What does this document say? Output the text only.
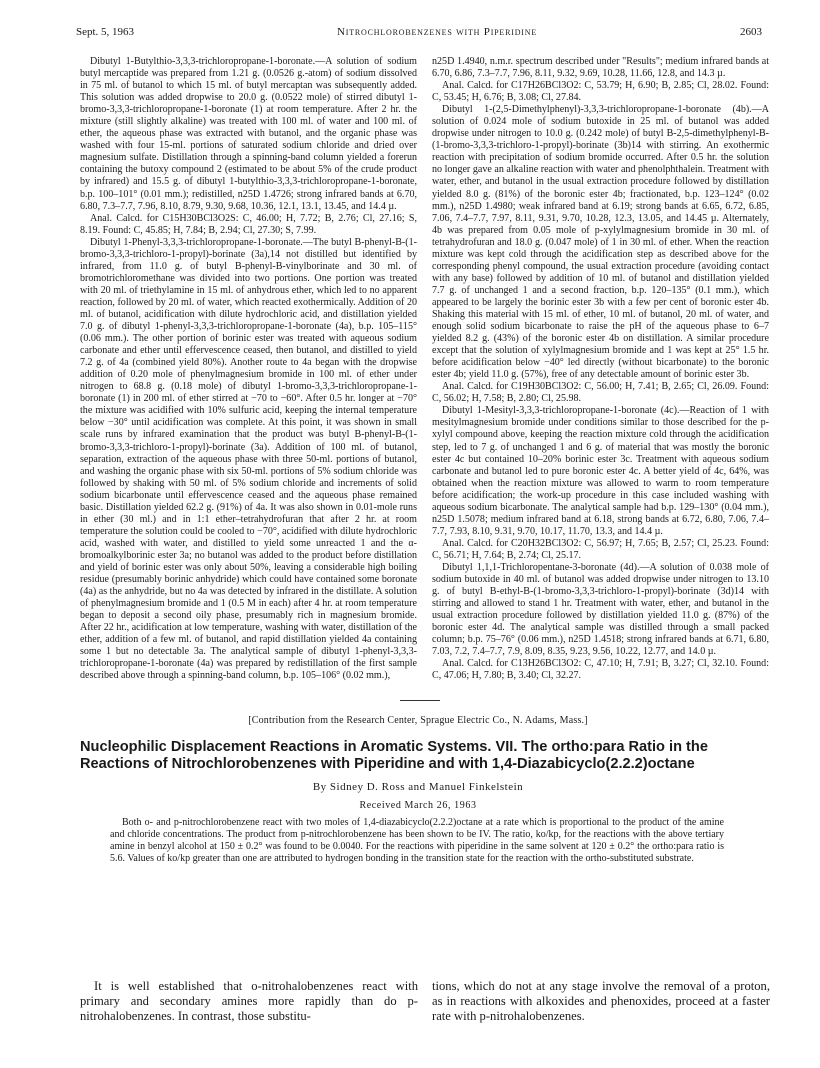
Sept. 5, 1963	Nitrochlorobenzenes with Piperidine	2603

Dibutyl 1-Butylthio-3,3,3-trichloropropane-1-boronate.—A solution of sodium butyl mercaptide was prepared from 1.21 g. (0.0526 g.-atom) of sodium dissolved in 75 ml. of butanol to which 15 ml. of butyl mercaptan was subsequently added. This solution was added dropwise to 20.0 g. (0.0522 mole) of stirred dibutyl 1-bromo-3,3,3-trichloropropane-1-boronate (1) at room temperature. After 2 hr. the mixture (still slightly alkaline) was treated with 100 ml. of water and 100 ml. of ether, the aqueous phase was extracted with butanol, and the organic phase was washed with four 15-ml. portions of saturated sodium chloride and dried over magnesium sulfate. Distillation through a spinning-band column yielded a forerun containing the butoxy compound 2 (estimated to be about 5% of the crude product by infrared) and 15.5 g. of dibutyl 1-butylthio-3,3,3-trichloropropane-1-boronate, b.p. 100–101° (0.01 mm.); redistilled, n25D 1.4726; strong infrared bands at 6.70, 6.80, 7.3–7.7, 7.96, 8.10, 8.79, 9.30, 9.68, 10.36, 12.1, 13.1, 13.45, and 14.4 µ.

Anal. Calcd. for C15H30BCl3O2S: C, 46.00; H, 7.72; B, 2.76; Cl, 27.16; S, 8.19. Found: C, 45.85; H, 7.84; B, 2.94; Cl, 27.30; S, 7.99.

Dibutyl 1-Phenyl-3,3,3-trichloropropane-1-boronate.—The butyl B-phenyl-B-(1-bromo-3,3,3-trichloro-1-propyl)-borinate (3a),14 not distilled but identified by infrared, from 11.0 g. of butyl B-phenyl-B-vinylborinate and 30 ml. of bromotrichloromethane was divided into two portions. One portion was treated with 20 ml. of triethylamine in 15 ml. of anhydrous ether, which led to no apparent reaction, followed by 20 ml. of water, which reacted exothermically. Addition of 20 ml. of butanol, acidification with dilute hydrochloric acid, and distillation yielded 7.0 g. of dibutyl 1-phenyl-3,3,3-trichloropropane-1-boronate (4a), b.p. 105–115° (0.06 mm.). The other portion of borinic ester was treated with aqueous sodium carbonate and ether until effervescence ceased, then butanol, and distilled to yield 7.2 g. of 4a (combined yield 80%). Another route to 4a began with the dropwise addition of 0.20 mole of phenylmagnesium bromide in 100 ml. of ether under nitrogen to 68.8 g. (0.18 mole) of dibutyl 1-bromo-3,3,3-trichloropropane-1-boronate (1) in 200 ml. of ether stirred at −70 to −60°. After 0.5 hr. longer at −70° the mixture was acidified with 10% sulfuric acid, keeping the internal temperature below −30° until acidification was complete. At this point, it was shown in small scale runs by infrared examination that the product was butyl B-phenyl-B-(1-bromo-3,3,3-trichloro-1-propyl)-borinate (3a). Addition of 100 ml. of butanol, separation, extraction of the aqueous phase with three 50-ml. portions of butanol, and washing the organic phase with six 50-ml. portions of 5% sodium chloride was followed by shaking with 50 ml. of 5% sodium chloride and increments of solid sodium bicarbonate until effervescence ceased and the aqueous phase remained basic. Distillation yielded 62.2 g. (91%) of 4a. It was also shown in 0.01-mole runs in ether (30 ml.) and in 1:1 ether–tetrahydrofuran that after 2 hr. at room temperature the solution could be cooled to −70°, acidified with dilute hydrochloric acid, washed with water, and distilled to yield some unreacted 1 and the α-bromoalkylborinic ester 3a; no butanol was added to the product before distillation and yield of borinic ester was only about 50%, leaving a considerable high boiling residue (presumably borinic anhydride) which could have contained some boronate (4a) as the anhydride, but no 4a was detected by infrared in the distillate. A solution of phenylmagnesium bromide and 1 (0.5 M in each) after 4 hr. at room temperature began to deposit a second oily phase, presumably rich in magnesium bromide. After 22 hr., acidification at low temperature, washing with water, distillation of the ether, addition of a few ml. of butanol, and rapid distillation yielded 4a containing some 1 but no detectable 3a. The analytical sample of dibutyl 1-phenyl-3,3,3-trichloropropane-1-boronate (4a) was prepared by redistillation of the first sample described above through a spinning-band column, b.p. 105–106° (0.02 mm.),

n25D 1.4940, n.m.r. spectrum described under "Results"; medium infrared bands at 6.70, 6.86, 7.3–7.7, 7.96, 8.11, 9.32, 9.69, 10.28, 11.66, 12.8, and 14.3 µ.

Anal. Calcd. for C17H26BCl3O2: C, 53.79; H, 6.90; B, 2.85; Cl, 28.02. Found: C, 53.45; H, 6.76; B, 3.08; Cl, 27.84.

Dibutyl 1-(2,5-Dimethylphenyl)-3,3,3-trichloropropane-1-boronate (4b).—A solution of 0.024 mole of sodium butoxide in 25 ml. of butanol was added dropwise under nitrogen to 10.0 g. (0.242 mole) of butyl B-2,5-dimethylphenyl-B-(1-bromo-3,3,3-trichloro-1-propyl)-borinate (3b)14 with stirring. An exothermic reaction with precipitation of sodium bromide occurred. After 0.5 hr. the solution no longer gave an alkaline reaction with water and phenolphthalein. Treatment with water, ether, and butanol in the usual extraction procedure followed by distillation yielded 8.0 g. (81%) of the boronic ester 4b; fractionated, b.p. 123–124° (0.02 mm.), n25D 1.4980; weak infrared band at 6.19; strong bands at 6.65, 6.72, 6.85, 7.06, 7.4–7.7, 7.97, 8.11, 9.31, 9.70, 10.28, 12.3, 13.05, and 14.45 µ. Alternately, 4b was prepared from 0.05 mole of p-xylylmagnesium bromide in 30 ml. of tetrahydrofuran and 18.0 g. (0.047 mole) of 1 in 30 ml. of ether. When the reaction mixture was kept cold through the acidification step as described above for the corresponding phenyl compound, the usual extraction procedure (avoiding contact with any base) followed by addition of 10 ml. of butanol and distillation yielded 7.7 g. of unchanged 1 and a second fraction, b.p. 120–135° (0.1 mm.), which appeared to be largely the borinic ester 3b with a few per cent of boronic ester 4b. Shaking this material with 15 ml. of ether, 10 ml. of butanol, 20 ml. of water, and enough solid sodium bicarbonate to raise the pH of the aqueous phase to 6–7 yielded 8.2 g. (43%) of the boronic ester 4b on distillation. A similar procedure except that the solution of xylylmagnesium bromide and 1 was kept at 25° 1.5 hr. before acidification below −40° led directly (without bicarbonate) to the boronic ester 4b; yield 11.0 g. (57%), free of any detectable amount of borinic ester 3b.

Anal. Calcd. for C19H30BCl3O2: C, 56.00; H, 7.41; B, 2.65; Cl, 26.09. Found: C, 56.02; H, 7.58; B, 2.80; Cl, 25.98.

Dibutyl 1-Mesityl-3,3,3-trichloropropane-1-boronate (4c).—Reaction of 1 with mesitylmagnesium bromide under conditions similar to those described for the p-xylyl compound above, keeping the reaction mixture cold through the acidification step, led to 7 g. of unchanged 1 and 6 g. of material that was mostly the boronic ester 4c but contained 10–20% borinic ester 3c. Treatment with aqueous sodium carbonate and butanol led to pure boronic ester 4c. A better yield of 4c, 64%, was obtained when the reaction mixture was allowed to warm to room temperature before acidification; the work-up procedure in this case included washing with aqueous sodium bicarbonate. The analytical sample had b.p. 129–130° (0.04 mm.), n25D 1.5078; medium infrared band at 6.18, strong bands at 6.72, 6.80, 7.06, 7.4–7.7, 7.93, 8.10, 9.31, 9.70, 10.17, 11.70, 13.3, and 14.4 µ.

Anal. Calcd. for C20H32BCl3O2: C, 56.97; H, 7.65; B, 2.57; Cl, 25.23. Found: C, 56.71; H, 7.64; B, 2.74; Cl, 25.17.

Dibutyl 1,1,1-Trichloropentane-3-boronate (4d).—A solution of 0.038 mole of sodium butoxide in 40 ml. of butanol was added dropwise under nitrogen to 13.10 g. of butyl B-ethyl-B-(1-bromo-3,3,3-trichloro-1-propyl)-borinate (3d)14 with stirring and allowed to stand 1 hr. Treatment with water, ether, and butanol in the usual extraction procedure followed by distillation yielded 11.0 g. (87%) of the boronic ester 4d. The analytical sample was distilled through a small packed column; b.p. 75–76° (0.06 mm.), n25D 1.4518; strong infrared bands at 6.71, 6.80, 7.03, 7.2, 7.4–7.7, 7.9, 8.09, 8.35, 9.23, 9.56, 10.22, 12.77, and 14.0 µ.

Anal. Calcd. for C13H26BCl3O2: C, 47.10; H, 7.91; B, 3.27; Cl, 32.10. Found: C, 47.06; H, 7.80; B, 3.40; Cl, 32.27.

[Contribution from the Research Center, Sprague Electric Co., N. Adams, Mass.]
Nucleophilic Displacement Reactions in Aromatic Systems. VII. The ortho:para Ratio in the Reactions of Nitrochlorobenzenes with Piperidine and with 1,4-Diazabicyclo(2.2.2)octane
By Sidney D. Ross and Manuel Finkelstein
Received March 26, 1963
Both o- and p-nitrochlorobenzene react with two moles of 1,4-diazabicyclo(2.2.2)octane at a rate which is proportional to the product of the amine and chloride concentrations. The product from p-nitrochlorobenzene has been shown to be IV. The ratio, ko/kp, for the reactions with the above tertiary amine in benzyl alcohol at 150 ± 0.2° was found to be 0.0040. For the reactions with piperidine in the same solvent at 120 ± 0.2° the ortho:para ratio is 5.6. Values of ko/kp greater than one are attributed to hydrogen bonding in the transition state for the reaction with the ortho-substituted substrate.
It is well established that o-nitrohalobenzenes react with primary and secondary amines more rapidly than do p-nitrohalobenzenes. In contrast, those substitu-
tions, which do not at any stage involve the removal of a proton, as in reactions with alkoxides and phenoxides, proceed at a faster rate with p-nitrohalobenzenes.
